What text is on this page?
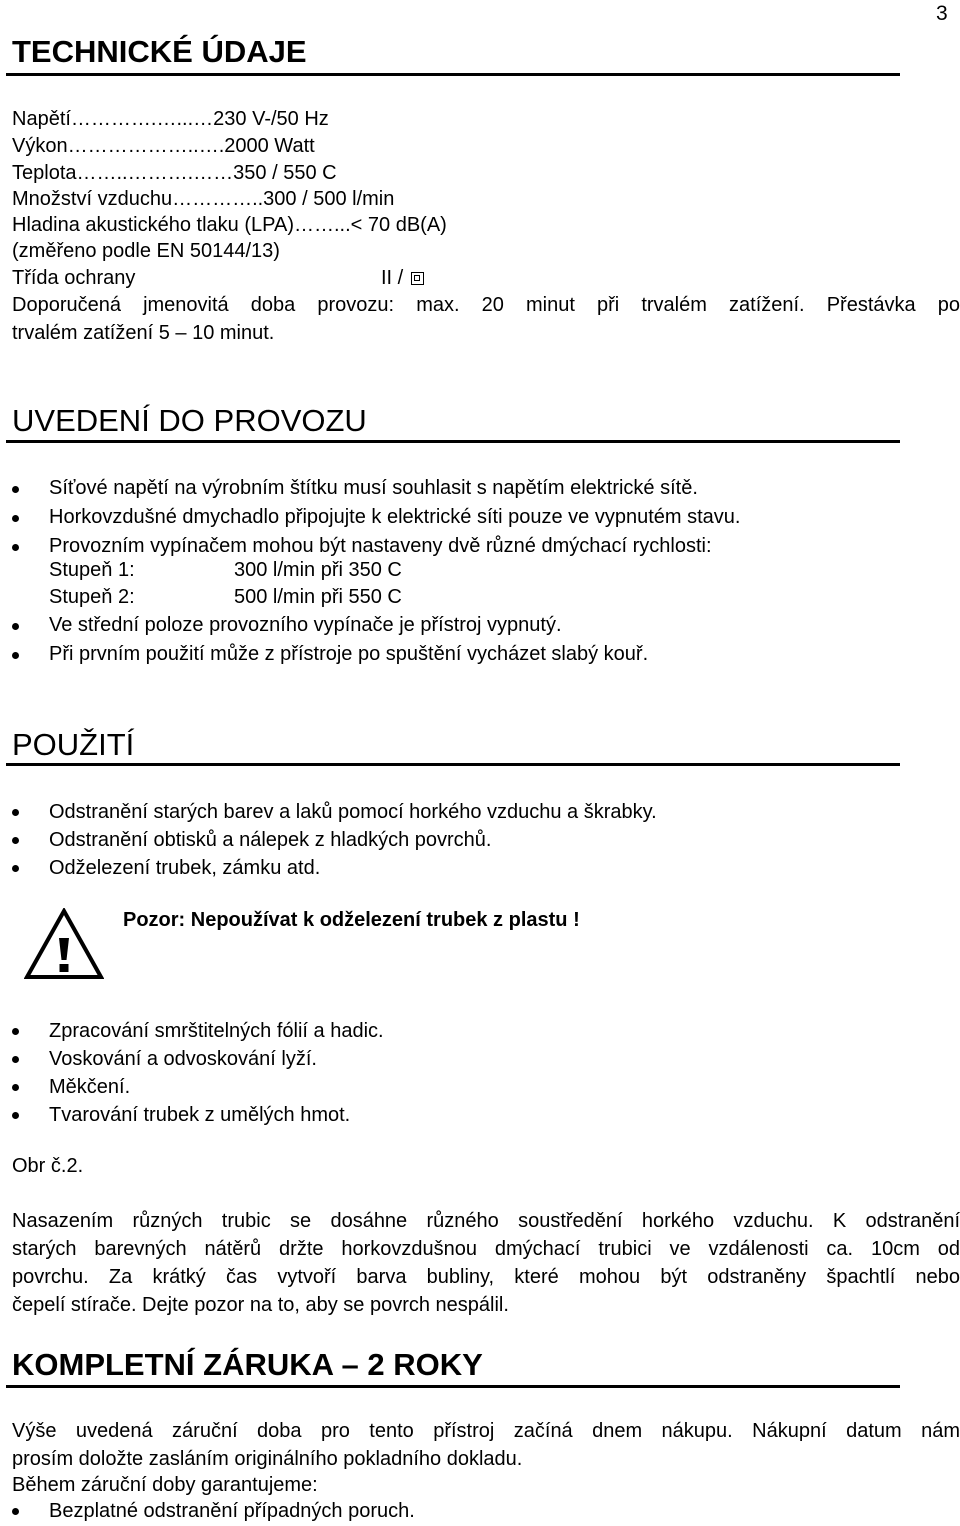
3
TECHNICKÉ ÚDAJE
Napětí………….…...…230 V-/50 Hz
Výkon………………..….2000 Watt
Teplota……..……….……350 / 550 C
Množství vzduchu…………..300 / 500 l/min
Hladina akustického tlaku (LPA)……...< 70 dB(A)
(změřeno podle EN 50144/13)
Třída ochrany	II /
Doporučená jmenovitá doba provozu: max. 20 minut při trvalém zatížení. Přestávka po
trvalém zatížení 5 – 10 minut.
UVEDENÍ DO PROVOZU
Síťové napětí na výrobním štítku musí souhlasit s napětím elektrické sítě.
Horkovzdušné dmychadlo připojujte k elektrické síti pouze ve vypnutém stavu.
Provozním vypínačem mohou být nastaveny dvě různé dmýchací rychlosti:
Stupeň 1:	300 l/min při 350 C
Stupeň 2:	500 l/min při 550 C
Ve střední poloze provozního vypínače je přístroj vypnutý.
Při prvním použití může z přístroje po spuštění vycházet slabý kouř.
POUŽITÍ
Odstranění starých barev a laků pomocí horkého vzduchu a škrabky.
Odstranění obtisků a nálepek z hladkých povrchů.
Odželezení trubek, zámku atd.
Pozor: Nepoužívat k odželezení trubek z plastu !
Zpracování smrštitelných fólií a hadic.
Voskování a odvoskování lyží.
Měkčení.
Tvarování trubek z umělých hmot.
Obr č.2.
Nasazením různých trubic se dosáhne různého soustředění horkého vzduchu. K odstranění
starých barevných nátěrů držte horkovzdušnou dmýchací trubici ve vzdálenosti ca. 10cm od
povrchu. Za krátký čas vytvoří barva bubliny, které mohou být odstraněny špachtlí nebo
čepelí stírače. Dejte pozor na to, aby se povrch nespálil.
KOMPLETNÍ ZÁRUKA – 2 ROKY
Výše uvedená záruční doba pro tento přístroj začíná dnem nákupu. Nákupní datum nám
prosím doložte zasláním originálního pokladního dokladu.
Během záruční doby garantujeme:
Bezplatné odstranění případných poruch.
